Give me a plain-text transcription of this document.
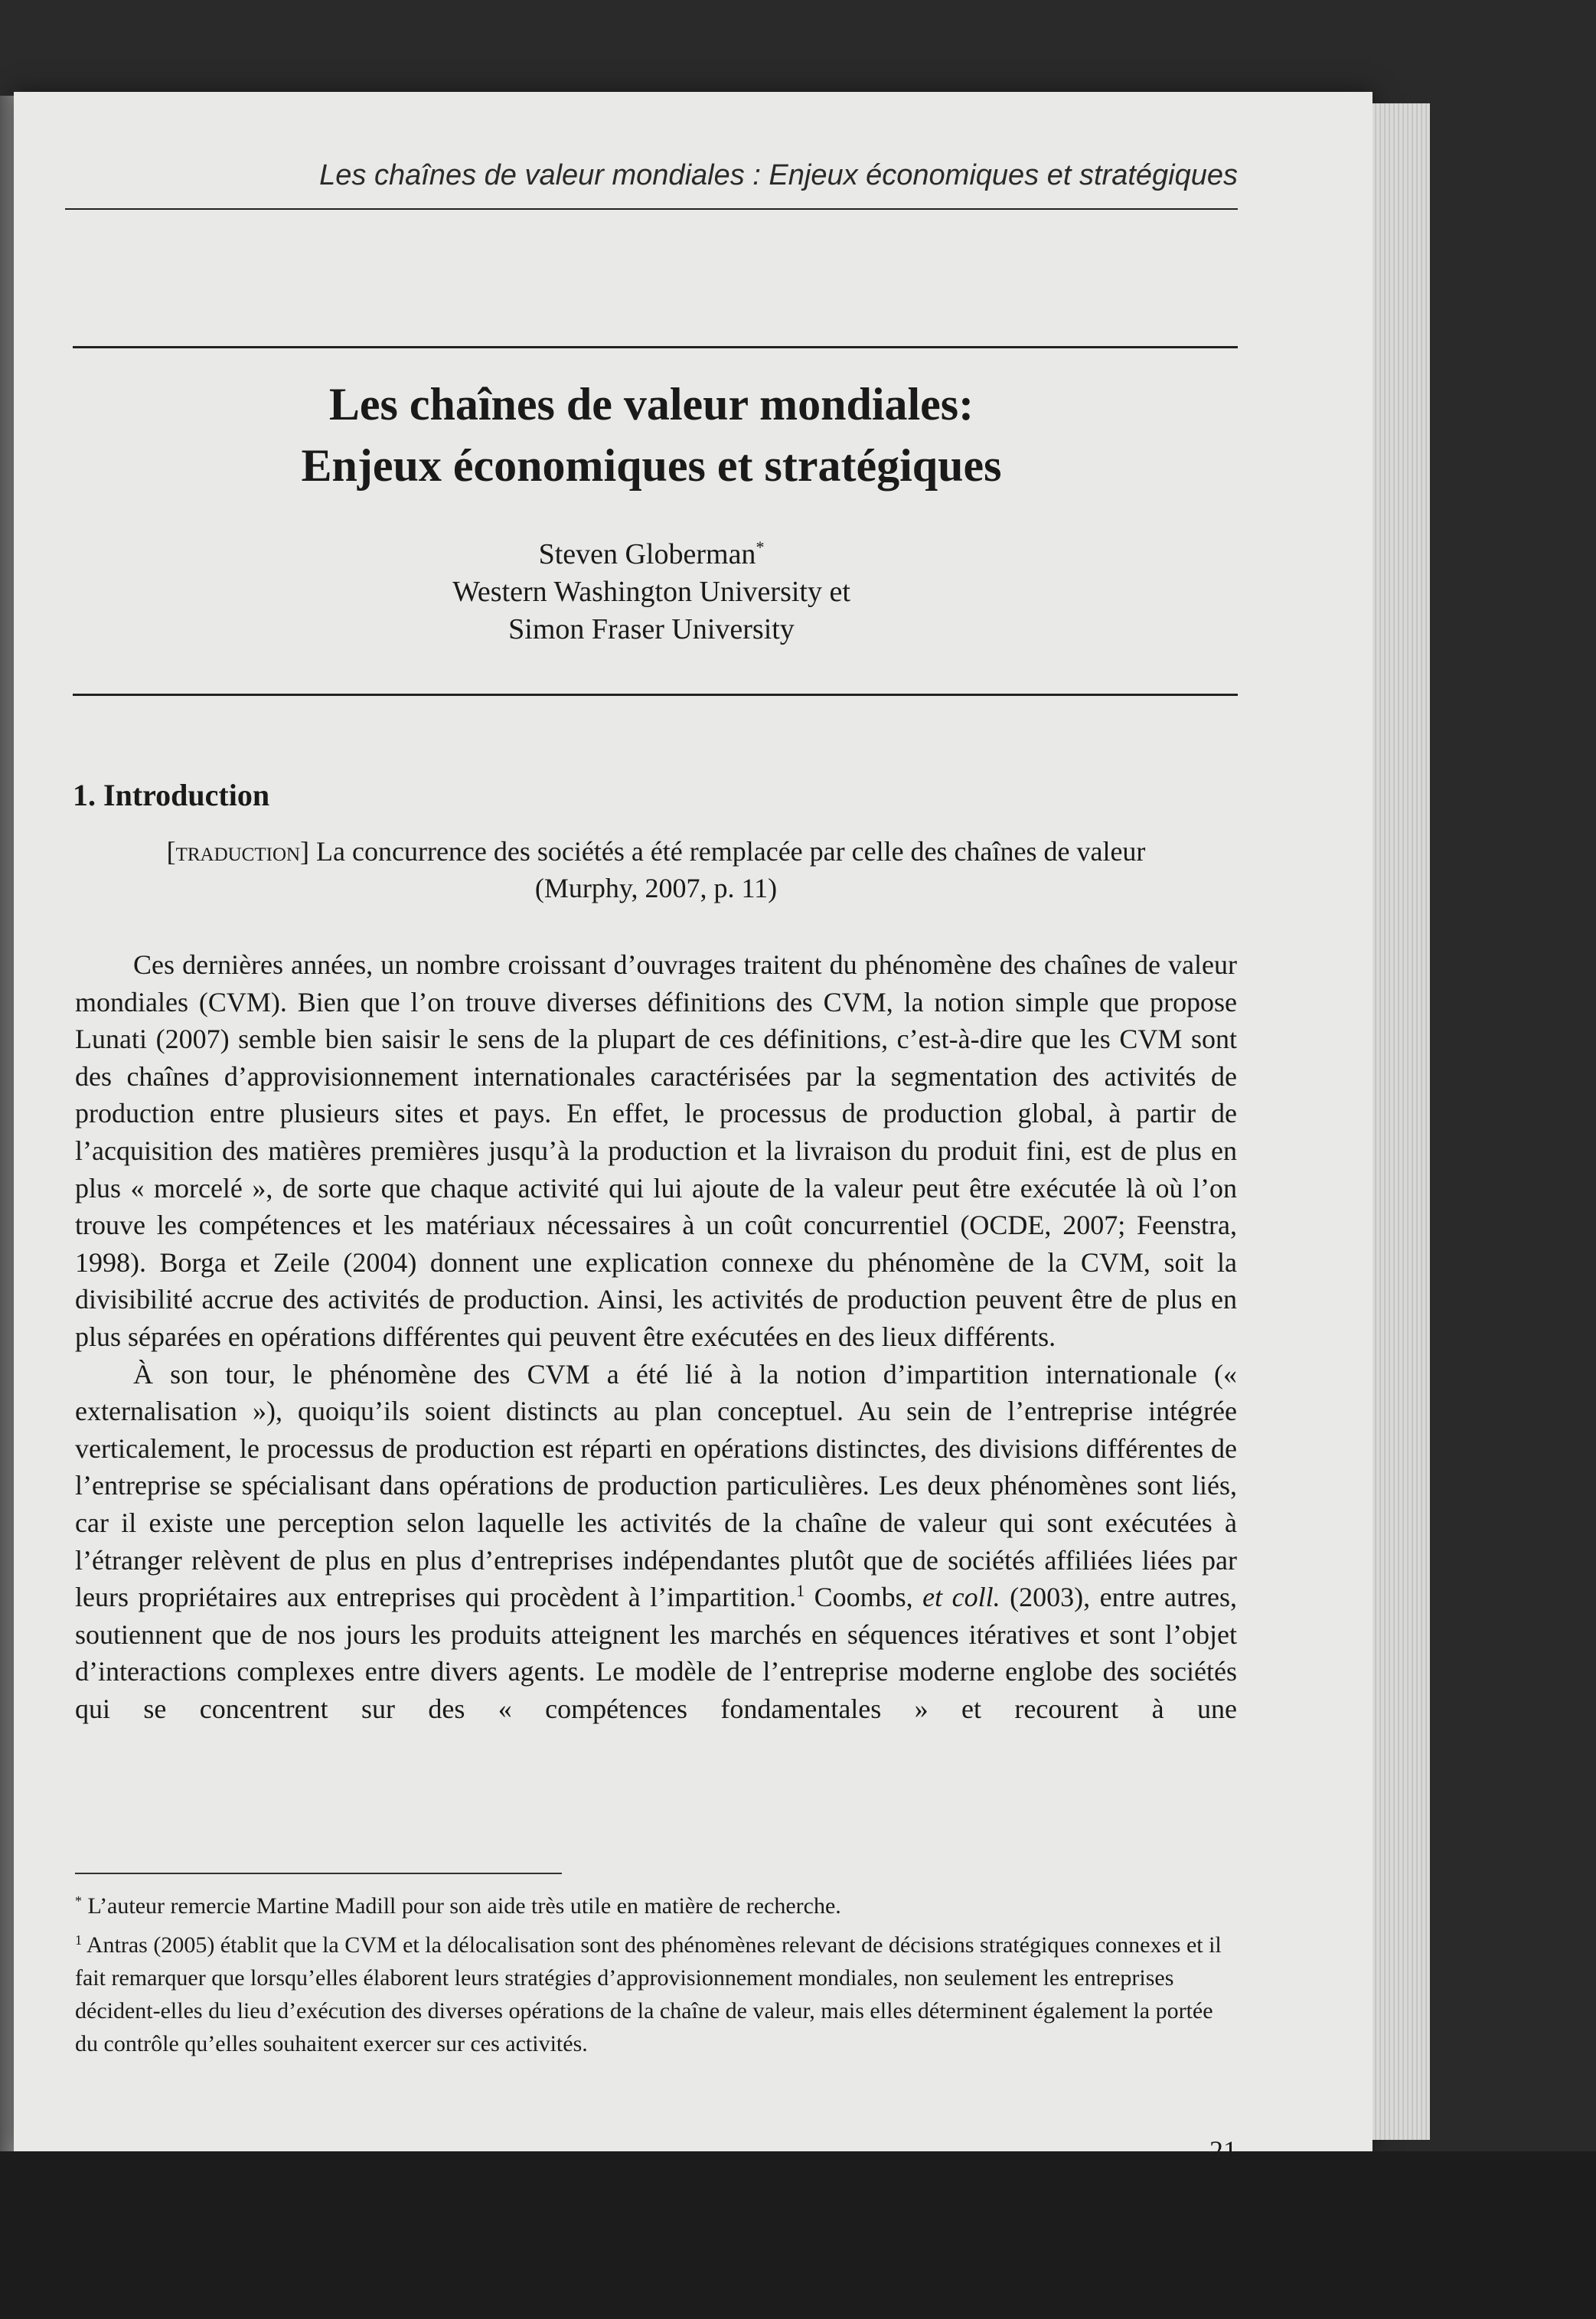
Les chaînes de valeur mondiales : Enjeux économiques et stratégiques
Les chaînes de valeur mondiales:
Enjeux économiques et stratégiques
Steven Globerman*
Western Washington University et
Simon Fraser University
1. Introduction
[traduction] La concurrence des sociétés a été remplacée par celle des chaînes de valeur
(Murphy, 2007, p. 11)

Ces dernières années, un nombre croissant d’ouvrages traitent du phénomène des chaînes de valeur mondiales (CVM). Bien que l’on trouve diverses définitions des CVM, la notion simple que propose Lunati (2007) semble bien saisir le sens de la plupart de ces définitions, c’est-à-dire que les CVM sont des chaînes d’approvisionnement internationales caractérisées par la segmentation des activités de production entre plusieurs sites et pays. En effet, le processus de production global, à partir de l’acquisition des matières premières jusqu’à la production et la livraison du produit fini, est de plus en plus « morcelé », de sorte que chaque activité qui lui ajoute de la valeur peut être exécutée là où l’on trouve les compétences et les matériaux nécessaires à un coût concurrentiel (OCDE, 2007; Feenstra, 1998). Borga et Zeile (2004) donnent une explication connexe du phénomène de la CVM, soit la divisibilité accrue des activités de production. Ainsi, les activités de production peuvent être de plus en plus séparées en opérations différentes qui peuvent être exécutées en des lieux différents.

À son tour, le phénomène des CVM a été lié à la notion d’impartition internationale (« externalisation »), quoiqu’ils soient distincts au plan conceptuel. Au sein de l’entreprise intégrée verticalement, le processus de production est réparti en opérations distinctes, des divisions différentes de l’entreprise se spécialisant dans opérations de production particulières. Les deux phénomènes sont liés, car il existe une perception selon laquelle les activités de la chaîne de valeur qui sont exécutées à l’étranger relèvent de plus en plus d’entreprises indépendantes plutôt que de sociétés affiliées liées par leurs propriétaires aux entreprises qui procèdent à l’impartition.$^1$ Coombs, et coll. (2003), entre autres, soutiennent que de nos jours les produits atteignent les marchés en séquences itératives et sont l’objet d’interactions complexes entre divers agents. Le modèle de l’entreprise moderne englobe des sociétés qui se concentrent sur des « compétences fondamentales » et recourent à une

* L’auteur remercie Martine Madill pour son aide très utile en matière de recherche.

$^1$ Antras (2005) établit que la CVM et la délocalisation sont des phénomènes relevant de décisions stratégiques connexes et il fait remarquer que lorsqu’elles élaborent leurs stratégies d’approvisionnement mondiales, non seulement les entreprises décident-elles du lieu d’exécution des diverses opérations de la chaîne de valeur, mais elles déterminent également la portée du contrôle qu’elles souhaitent exercer sur ces activités.

21
